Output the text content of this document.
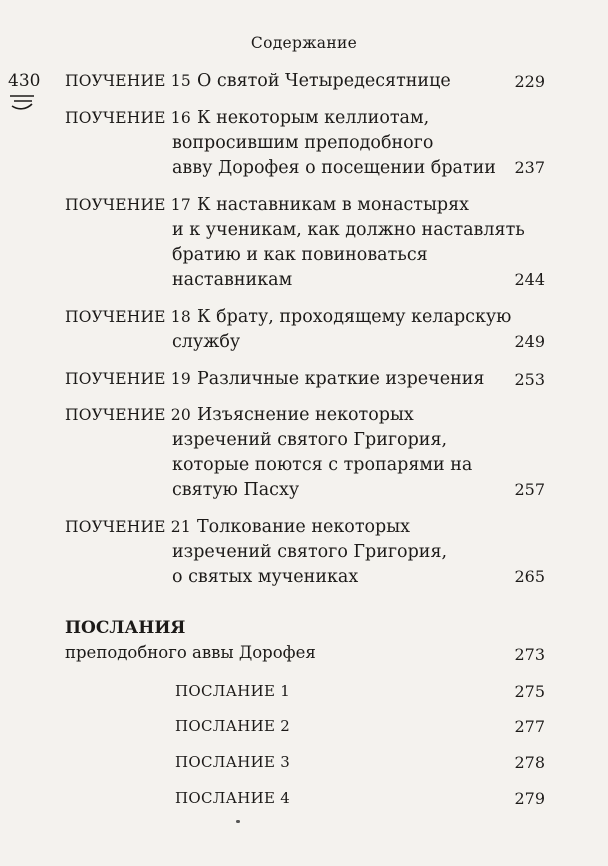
Содержание
430 ПОУЧЕНИЕ 15 О святой Четыредесятнице	229
ПОУЧЕНИЕ 16 К некоторым келлиотам,
вопросившим преподобного
авву Дорофея о посещении братии	237
ПОУЧЕНИЕ 17 К наставникам в монастырях
и к ученикам, как должно наставлять
братию и как повиноваться
наставникам	244
ПОУЧЕНИЕ 18 К брату, проходящему келарскую
службу	249
ПОУЧЕНИЕ 19 Различные краткие изречения	253
ПОУЧЕНИЕ 20 Изъяснение некоторых
изречений святого Григория,
которые поются с тропарями на
святую Пасху	257
ПОУЧЕНИЕ 21 Толкование некоторых
изречений святого Григория,
о святых мучениках	265
ПОСЛАНИЯ
преподобного аввы Дорофея	273
ПОСЛАНИЕ 1	275
ПОСЛАНИЕ 2	277
ПОСЛАНИЕ 3	278
ПОСЛАНИЕ 4	279
